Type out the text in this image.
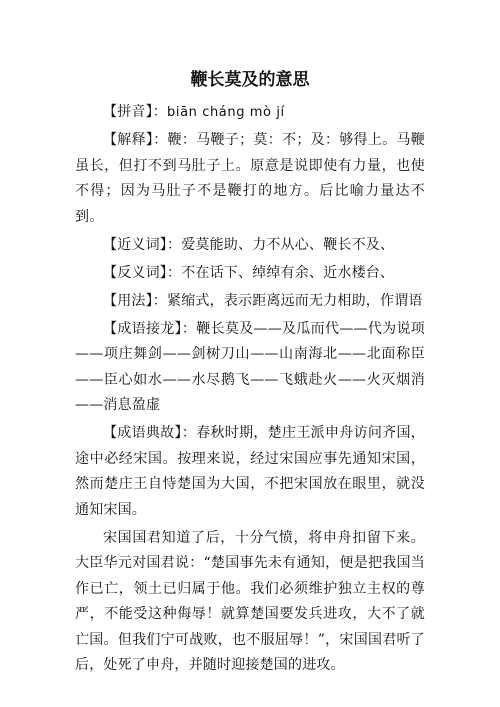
鞭长莫及的意思

【拼音】：biān cháng mò jí

【解释】：鞭：马鞭子；莫：不；及：够得上。马鞭虽长，但打不到马肚子上。原意是说即使有力量，也使不得；因为马肚子不是鞭打的地方。后比喻力量达不到。

【近义词】：爱莫能助、力不从心、鞭长不及、

【反义词】：不在话下、绰绰有余、近水楼台、

【用法】：紧缩式，表示距离远而无力相助，作谓语

【成语接龙】：鞭长莫及——及瓜而代——代为说项——项庄舞剑——剑树刀山——山南海北——北面称臣——臣心如水——水尽鹅飞——飞蛾赴火——火灭烟消——消息盈虚

【成语典故】：春秋时期，楚庄王派申舟访问齐国，途中必经宋国。按理来说，经过宋国应事先通知宋国，然而楚庄王自恃楚国为大国，不把宋国放在眼里，就没通知宋国。

宋国国君知道了后，十分气愤，将申舟扣留下来。大臣华元对国君说：“楚国事先未有通知，便是把我国当作已亡，领土已归属于他。我们必须维护独立主权的尊严，不能受这种侮辱！就算楚国要发兵进攻，大不了就亡国。但我们宁可战败，也不服屈辱！”，宋国国君听了后，处死了申舟，并随时迎接楚国的进攻。
